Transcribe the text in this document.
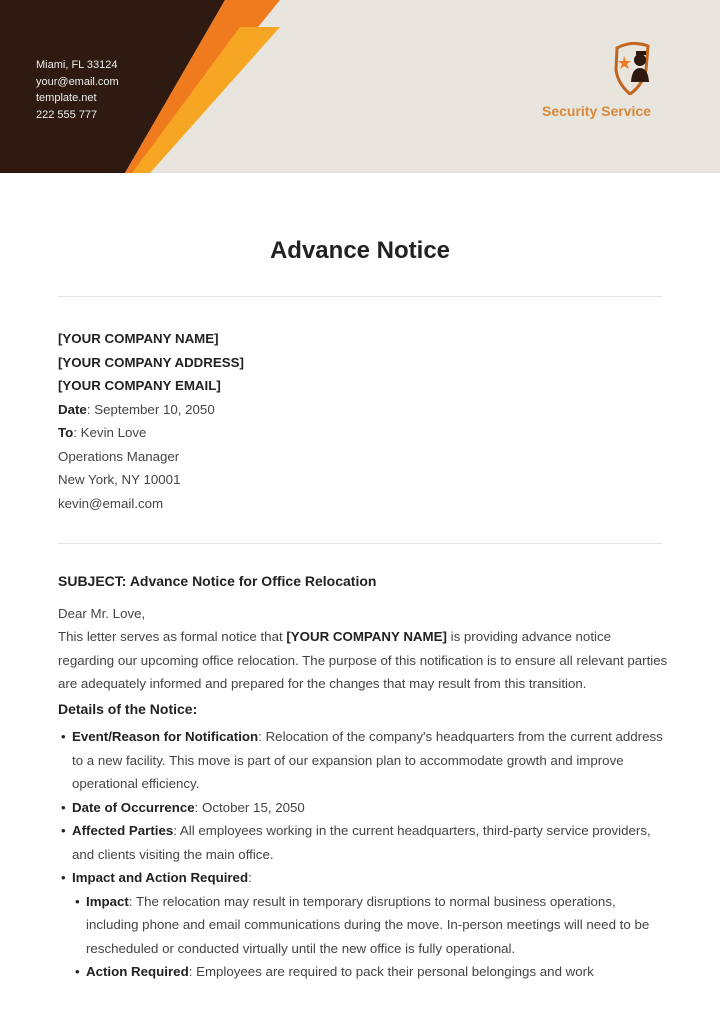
Miami, FL 33124
your@email.com
template.net
222 555 777	Security Service
Advance Notice
[YOUR COMPANY NAME]
[YOUR COMPANY ADDRESS]
[YOUR COMPANY EMAIL]
Date: September 10, 2050
To: Kevin Love
Operations Manager
New York, NY 10001
kevin@email.com
SUBJECT: Advance Notice for Office Relocation
Dear Mr. Love,
This letter serves as formal notice that [YOUR COMPANY NAME] is providing advance notice regarding our upcoming office relocation. The purpose of this notification is to ensure all relevant parties are adequately informed and prepared for the changes that may result from this transition.
Details of the Notice:
• Event/Reason for Notification: Relocation of the company's headquarters from the current address to a new facility. This move is part of our expansion plan to accommodate growth and improve operational efficiency.
• Date of Occurrence: October 15, 2050
• Affected Parties: All employees working in the current headquarters, third-party service providers, and clients visiting the main office.
• Impact and Action Required:
• Impact: The relocation may result in temporary disruptions to normal business operations, including phone and email communications during the move. In-person meetings will need to be rescheduled or conducted virtually until the new office is fully operational.
• Action Required: Employees are required to pack their personal belongings and work
